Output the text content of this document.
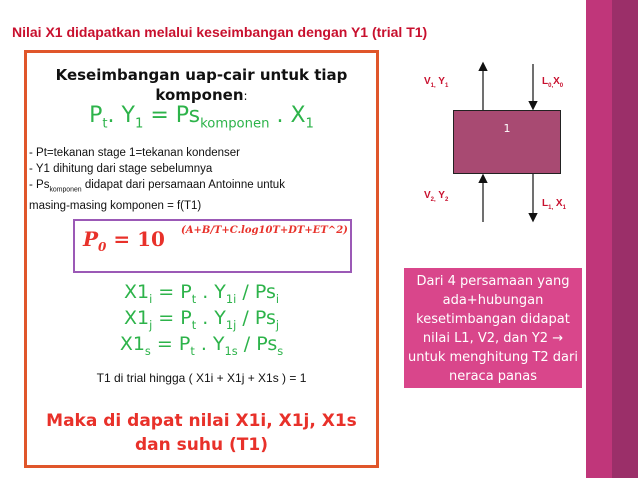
Nilai X1 didapatkan melalui keseimbangan dengan Y1 (trial T1)
Keseimbangan uap-cair untuk tiap
komponen:
$P_t$. $Y_1 = Ps_{komponen}$ . $X_1$
- Pt=tekanan stage 1=tekanan kondenser
- Y1 dihitung dari stage sebelumnya
- $Ps_{komponen}$ didapat dari persamaan Antoinne untuk
masing-masing komponen = f(T1)
$P_0 = 10$ (A+B/T+C.log10T+DT+ET^2)
$X1_i = P_t$ . $Y_{1i} / Ps_i$
$X1_j = P_t$ . $Y_{1j} / Ps_j$
$X1_s = P_t$ . $Y_{1s} / Ps_s$
T1 di trial hingga ( X1i + X1j + X1s ) = 1
Maka di dapat nilai X1i, X1j, X1s
dan suhu (T1)
1
$V_{1,}$ $Y_1$	$L_{0,}X_0$
$V_{2,}$ $Y_2$	$L_{1,}$ $X_1$
Dari 4 persamaan yang ada+hubungan kesetimbangan didapat nilai L1, V2, dan Y2 → untuk menghitung T2 dari neraca panas
